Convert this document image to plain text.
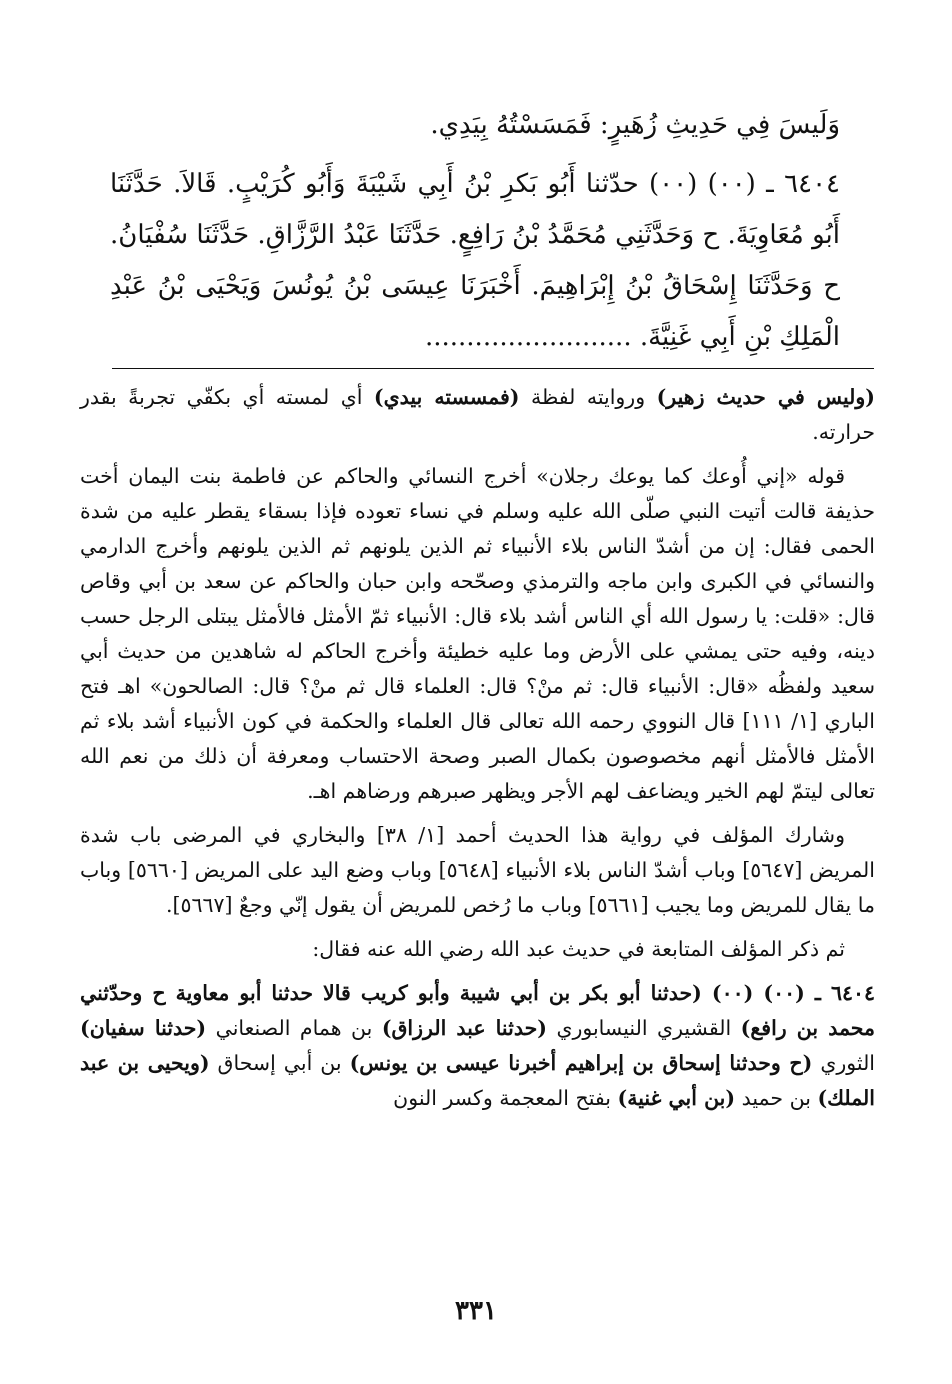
وَلَيسَ فِي حَدِيثِ زُهَيرٍ: فَمَسَسْتُهُ بِيَدِي.

٦٤٠٤ ـ (٠٠) (٠٠) حدّثنا أَبُو بَكرِ بْنُ أَبِي شَيْبَةَ وَأَبُو كُرَيْبٍ. قَالاَ. حَدَّثَنَا أَبُو مُعَاوِيَةَ. ح وَحَدَّثَنِي مُحَمَّدُ بْنُ رَافِعٍ. حَدَّثَنَا عَبْدُ الرَّزَّاقِ. حَدَّثَنَا سُفْيَانُ. ح وَحَدَّثَنَا إِسْحَاقُ بْنُ إِبْرَاهِيمَ. أَخْبَرَنَا عِيسَى بْنُ يُونُسَ وَيَحْيَى بْنُ عَبْدِ الْمَلِكِ بْنِ أَبِي غَنِيَّةَ. .........................

(وليس في حديث زهير) وروايته لفظة (فمسسته بيدي) أي لمسته أي بكفّي تجربةً بقدر حرارته.

قوله «إني أُوعك كما يوعك رجلان» أخرج النسائي والحاكم عن فاطمة بنت اليمان أخت حذيفة قالت أتيت النبي صلّى الله عليه وسلم في نساء تعوده فإذا بسقاء يقطر عليه من شدة الحمى فقال: إن من أشدّ الناس بلاء الأنبياء ثم الذين يلونهم ثم الذين يلونهم وأخرج الدارمي والنسائي في الكبرى وابن ماجه والترمذي وصحّحه وابن حبان والحاكم عن سعد بن أبي وقاص قال: «قلت: يا رسول الله أي الناس أشد بلاء قال: الأنبياء ثمّ الأمثل فالأمثل يبتلى الرجل حسب دينه، وفيه حتى يمشي على الأرض وما عليه خطيئة وأخرج الحاكم له شاهدين من حديث أبي سعيد ولفظُه «قال: الأنبياء قال: ثم منْ؟ قال: العلماء قال ثم منْ؟ قال: الصالحون» اهـ فتح الباري [١/ ١١١] قال النووي رحمه الله تعالى قال العلماء والحكمة في كون الأنبياء أشد بلاء ثم الأمثل فالأمثل أنهم مخصوصون بكمال الصبر وصحة الاحتساب ومعرفة أن ذلك من نعم الله تعالى ليتمّ لهم الخير ويضاعف لهم الأجر ويظهر صبرهم ورضاهم اهـ.

وشارك المؤلف في رواية هذا الحديث أحمد [١/ ٣٨] والبخاري في المرضى باب شدة المريض [٥٦٤٧] وباب أشدّ الناس بلاء الأنبياء [٥٦٤٨] وباب وضع اليد على المريض [٥٦٦٠] وباب ما يقال للمريض وما يجيب [٥٦٦١] وباب ما رُخص للمريض أن يقول إنّي وجعٌ [٥٦٦٧].

ثم ذكر المؤلف المتابعة في حديث عبد الله رضي الله عنه فقال:

٦٤٠٤ ـ (٠٠) (٠٠) (حدثنا أبو بكر بن أبي شيبة وأبو كريب قالا حدثنا أبو معاوية ح وحدّثني محمد بن رافع) القشيري النيسابوري (حدثنا عبد الرزاق) بن همام الصنعاني (حدثنا سفيان) الثوري (ح وحدثنا إسحاق بن إبراهيم أخبرنا عيسى بن يونس) بن أبي إسحاق (ويحيى بن عبد الملك) بن حميد (بن أبي غنية) بفتح المعجمة وكسر النون

٣٣١
